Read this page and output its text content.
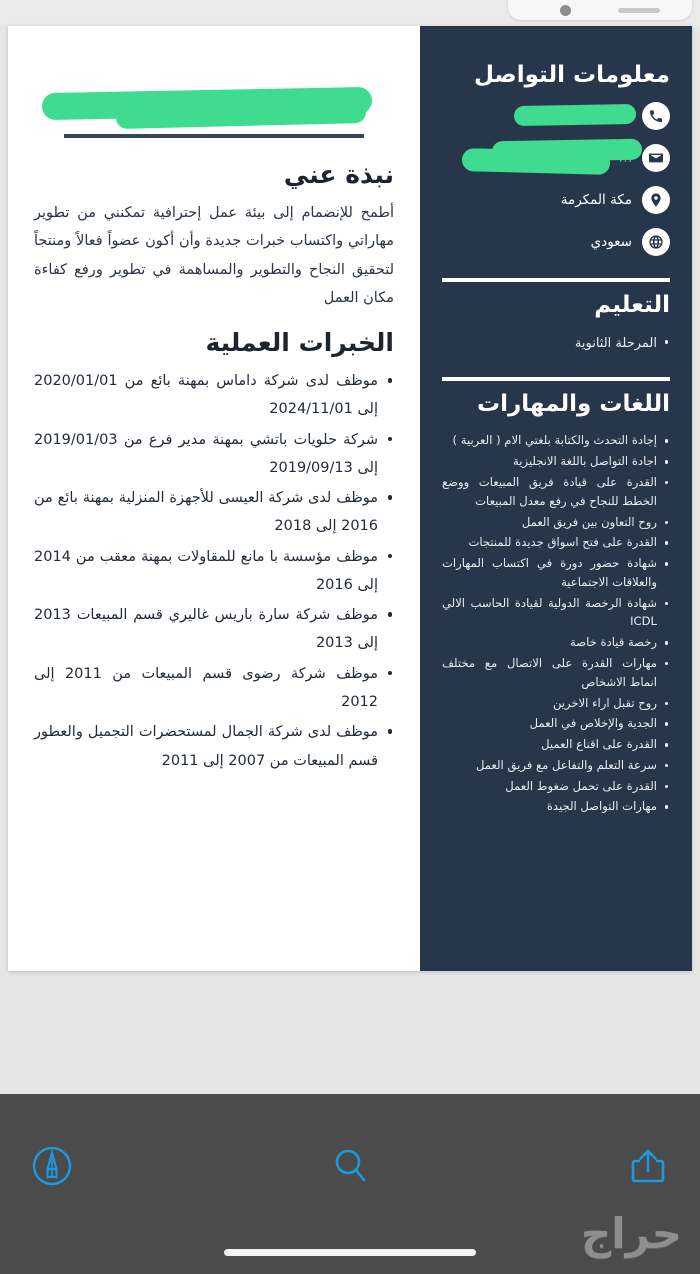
معلومات التواصل
مكة المكرمة
سعودي
التعليم
المرحلة الثانوية
اللغات والمهارات
إجادة التحدث والكتابة بلغتي الام ( العربية )
اجادة التواصل باللغة الانجليزية
القدرة على قيادة فريق المبيعات ووضع الخطط للنجاح في رفع معدل المبيعات
روح التعاون بين فريق العمل
القدرة على فتح اسواق جديدة للمنتجات
شهادة حضور دورة في اكتساب المهارات والعلاقات الاجتماعية
شهادة الرخصة الدولية لقيادة الحاسب الالي ICDL
رخصة قيادة خاصة
مهارات القدرة على الاتصال مع مختلف انماط الاشخاص
روح تقبل اراء الاخرين
الجدية والإخلاص في العمل
القدرة على اقناع العميل
سرعة التعلم والتفاعل مع فريق العمل
القدرة على تحمل ضغوط العمل
مهارات التواصل الجيدة
نبذة عني

أطمح للإنضمام إلى بيئة عمل إحترافية تمكنني من تطوير مهاراتي واكتساب خبرات جديدة وأن أكون عضواً فعالاً ومنتجاً لتحقيق النجاح والتطوير والمساهمة في تطوير ورفع كفاءة مكان العمل

الخبرات العملية
موظف لدى شركة داماس بمهنة بائع من 2020/01/01 إلى 2024/11/01
شركة حلويات باتشي بمهنة مدير فرع من 2019/01/03 إلى 2019/09/13
موظف لدى شركة العيسى للأجهزة المنزلية بمهنة بائع من 2016 إلى 2018
موظف مؤسسة با مانع للمقاولات بمهنة معقب من 2014 إلى 2016
موظف شركة سارة باريس غاليري قسم المبيعات 2013 إلى 2013
موظف شركة رضوى قسم المبيعات من 2011 إلى 2012
موظف لدى شركة الجمال لمستحضرات التجميل والعطور قسم المبيعات من 2007 إلى 2011
حراج
